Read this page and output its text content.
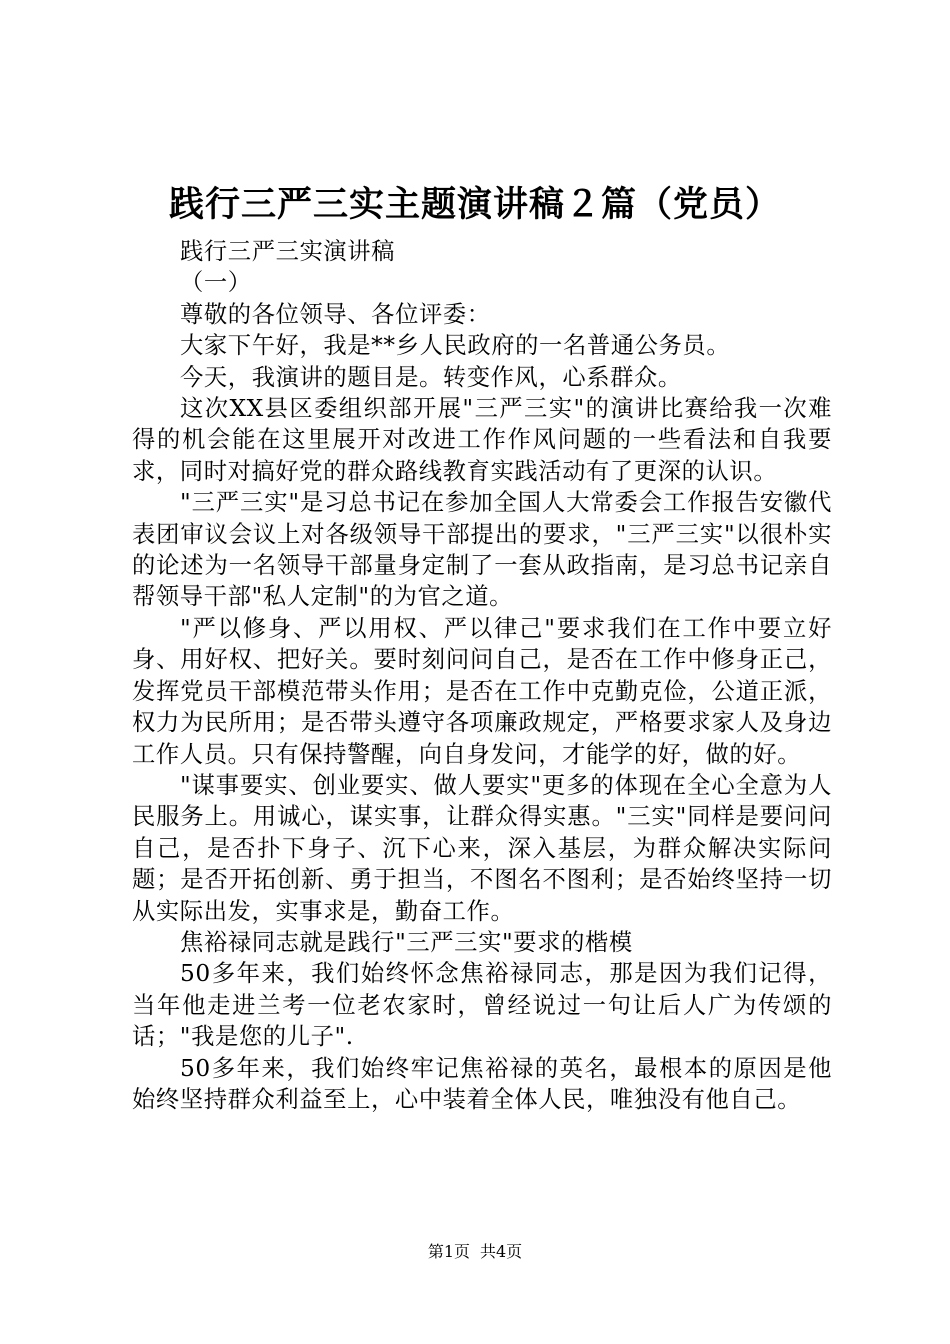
践行三严三实主题演讲稿２篇（党员）

践行三严三实演讲稿

（一）

尊敬的各位领导、各位评委：

大家下午好，我是**乡人民政府的一名普通公务员。

今天，我演讲的题目是。转变作风，心系群众。

这次XX县区委组织部开展"三严三实"的演讲比赛给我一次难得的机会能在这里展开对改进工作作风问题的一些看法和自我要求，同时对搞好党的群众路线教育实践活动有了更深的认识。

"三严三实"是习总书记在参加全国人大常委会工作报告安徽代表团审议会议上对各级领导干部提出的要求，"三严三实"以很朴实的论述为一名领导干部量身定制了一套从政指南，是习总书记亲自帮领导干部"私人定制"的为官之道。

"严以修身、严以用权、严以律己"要求我们在工作中要立好身、用好权、把好关。要时刻问问自己，是否在工作中修身正己，发挥党员干部模范带头作用；是否在工作中克勤克俭，公道正派，权力为民所用；是否带头遵守各项廉政规定，严格要求家人及身边工作人员。只有保持警醒，向自身发问，才能学的好，做的好。

"谋事要实、创业要实、做人要实"更多的体现在全心全意为人民服务上。用诚心，谋实事，让群众得实惠。"三实"同样是要问问自己，是否扑下身子、沉下心来，深入基层，为群众解决实际问题；是否开拓创新、勇于担当，不图名不图利；是否始终坚持一切从实际出发，实事求是，勤奋工作。

焦裕禄同志就是践行"三严三实"要求的楷模

50多年来，我们始终怀念焦裕禄同志，那是因为我们记得，当年他走进兰考一位老农家时，曾经说过一句让后人广为传颂的话；"我是您的儿子".

50多年来，我们始终牢记焦裕禄的英名，最根本的原因是他始终坚持群众利益至上，心中装着全体人民，唯独没有他自己。

第1页 共4页
